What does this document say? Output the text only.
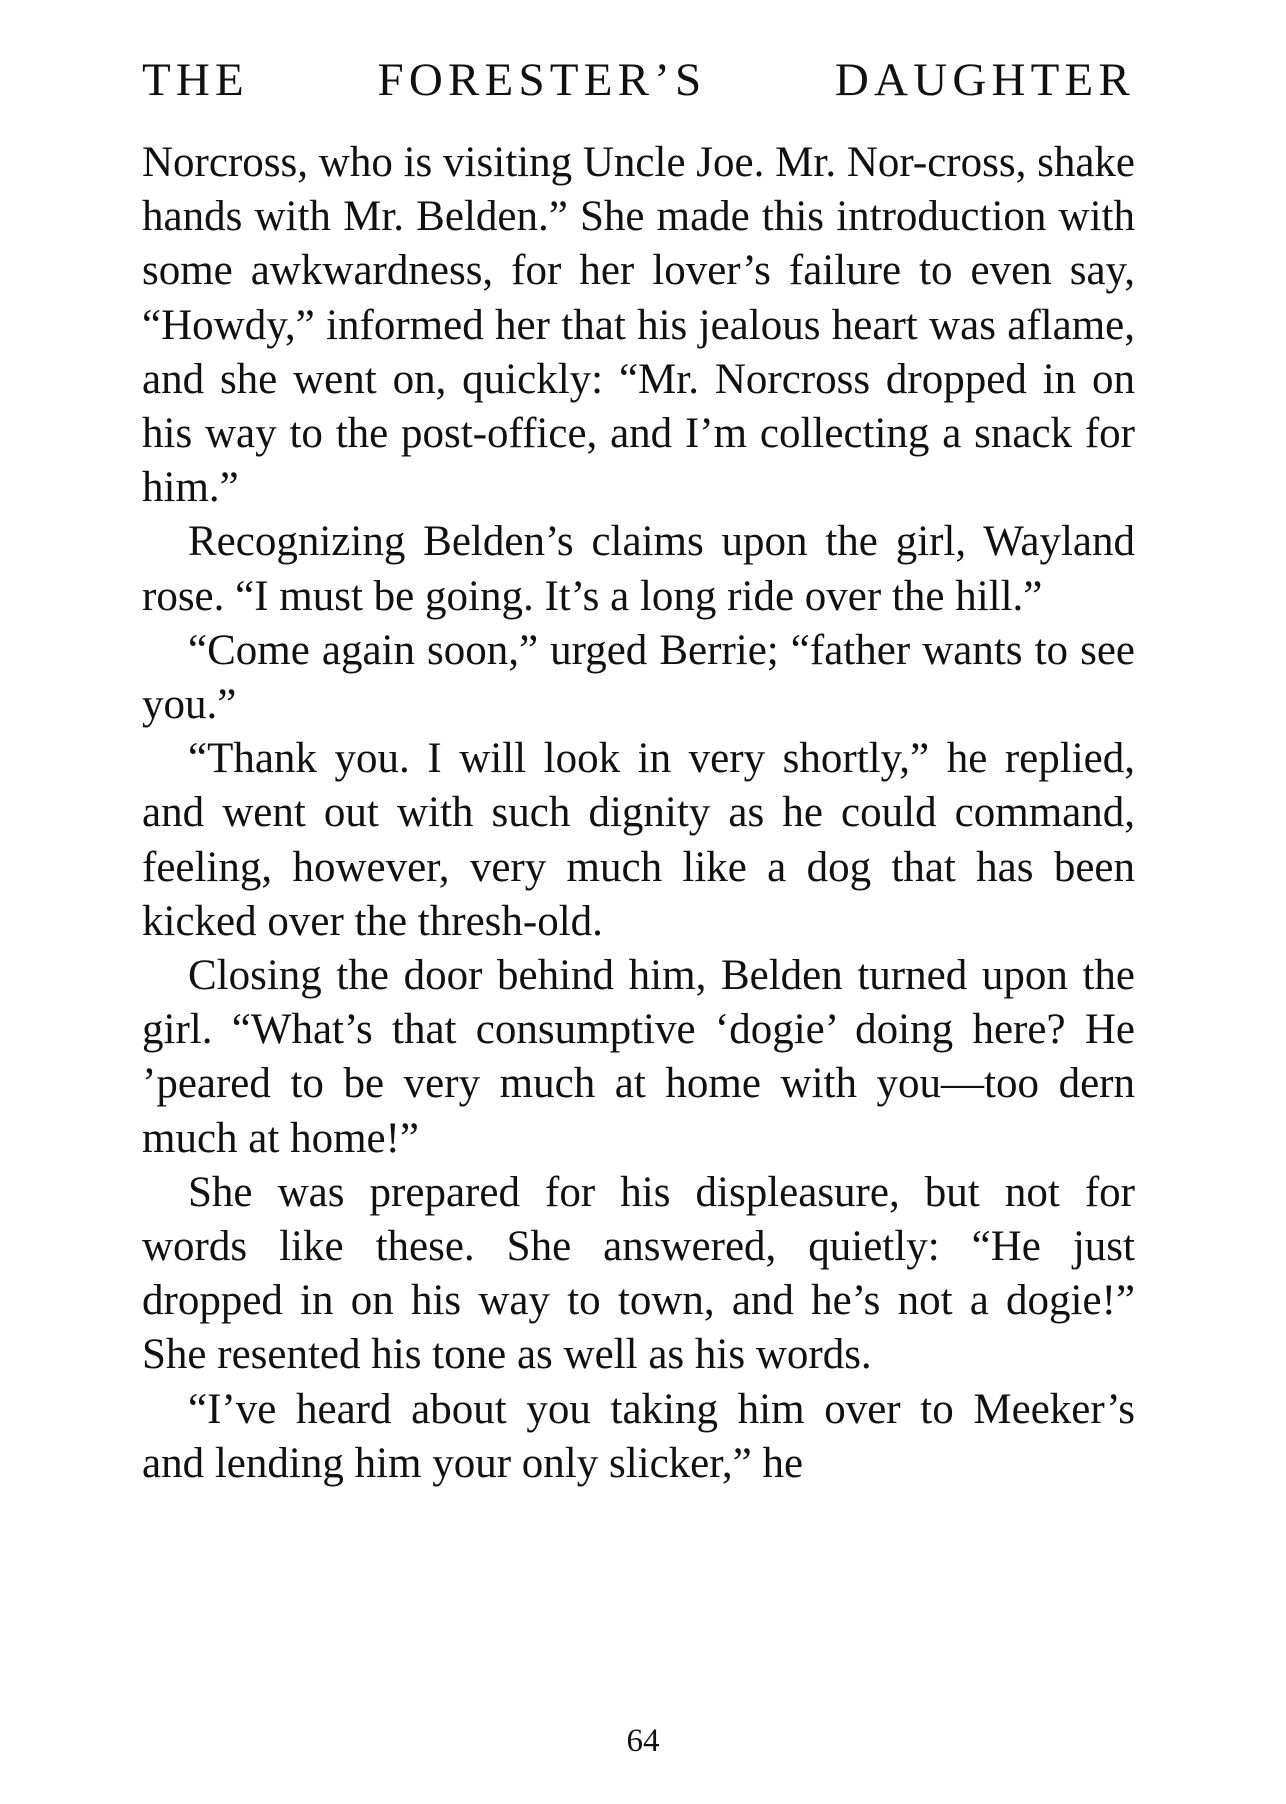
THE FORESTER’S DAUGHTER

Norcross, who is visiting Uncle Joe. Mr. Nor-cross, shake hands with Mr. Belden.” She made this introduction with some awkwardness, for her lover’s failure to even say, “Howdy,” informed her that his jealous heart was aflame, and she went on, quickly: “Mr. Norcross dropped in on his way to the post-office, and I’m collecting a snack for him.”

Recognizing Belden’s claims upon the girl, Wayland rose. “I must be going. It’s a long ride over the hill.”

“Come again soon,” urged Berrie; “father wants to see you.”

“Thank you. I will look in very shortly,” he replied, and went out with such dignity as he could command, feeling, however, very much like a dog that has been kicked over the thresh-old.

Closing the door behind him, Belden turned upon the girl. “What’s that consumptive ‘dogie’ doing here? He ’peared to be very much at home with you—too dern much at home!”

She was prepared for his displeasure, but not for words like these. She answered, quietly: “He just dropped in on his way to town, and he’s not a dogie!” She resented his tone as well as his words.

“I’ve heard about you taking him over to Meeker’s and lending him your only slicker,” he

64
